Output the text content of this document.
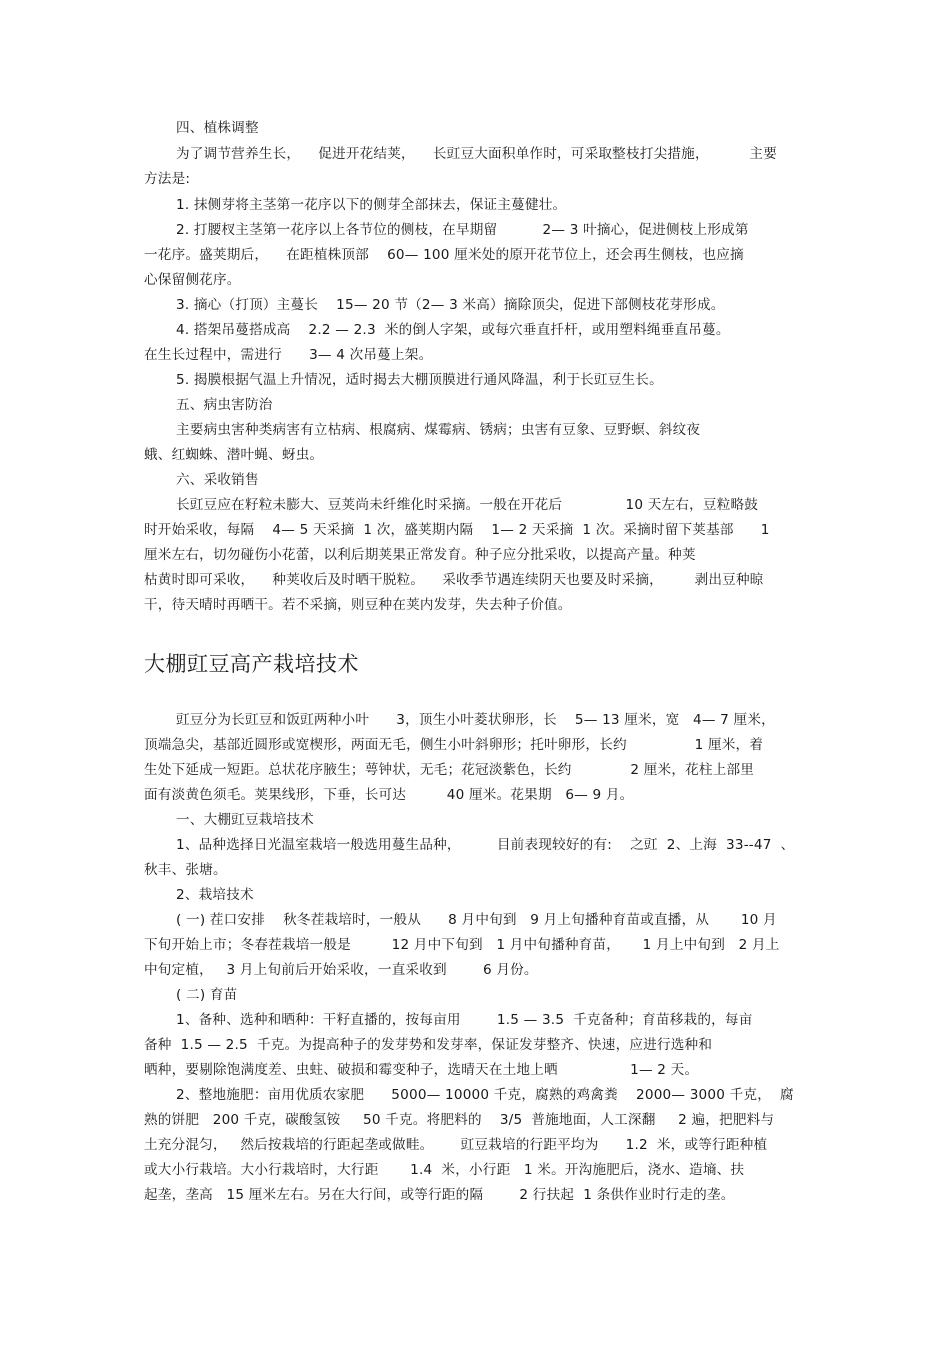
四、植株调整
为了调节营养生长，    促进开花结荚，    长豇豆大面积单作时，可采取整枝打尖措施，         主要
方法是:
1. 抹侧芽将主茎第一花序以下的侧芽全部抹去，保证主蔓健壮。
2. 打腰杈主茎第一花序以上各节位的侧枝，在早期留          2— 3 叶摘心，促进侧枝上形成第
一花序。盛荚期后，    在距植株顶部    60— 100 厘米处的原开花节位上，还会再生侧枝，也应摘
心保留侧花序。
3. 摘心（打顶）主蔓长    15— 20 节（2— 3 米高）摘除顶尖，促进下部侧枝花芽形成。
4. 搭架吊蔓搭成高    2.2 — 2.3  米的倒人字架，或每穴垂直扦杆，或用塑料绳垂直吊蔓。
在生长过程中，需进行      3— 4 次吊蔓上架。
5. 揭膜根据气温上升情况，适时揭去大棚顶膜进行通风降温，利于长豇豆生长。
五、病虫害防治
主要病虫害种类病害有立枯病、根腐病、煤霉病、锈病；虫害有豆象、豆野螟、斜纹夜
蛾、红蜘蛛、潜叶蝇、蚜虫。
六、采收销售
长豇豆应在籽粒未膨大、豆荚尚未纤维化时采摘。一般在开花后              10 天左右，豆粒略鼓
时开始采收，每隔    4— 5 天采摘  1 次，盛荚期内隔    1— 2 天采摘  1 次。采摘时留下荚基部      1
厘米左右，切勿碰伤小花蕾，以利后期荚果正常发育。种子应分批采收，以提高产量。种荚
枯黄时即可采收，    种荚收后及时晒干脱粒。    采收季节遇连续阴天也要及时采摘，       剥出豆种晾
干，待天晴时再晒干。若不采摘，则豆种在荚内发芽，失去种子价值。
大棚豇豆高产栽培技术
豇豆分为长豇豆和饭豇两种小叶      3，顶生小叶菱状卵形，长    5— 13 厘米，宽   4— 7 厘米，
顶端急尖，基部近圆形或宽楔形，两面无毛，侧生小叶斜卵形；托叶卵形，长约               1 厘米，着
生处下延成一短距。总状花序腋生；萼钟状，无毛；花冠淡紫色，长约             2 厘米，花柱上部里
面有淡黄色须毛。荚果线形，下垂，长可达         40 厘米。花果期   6— 9 月。
一、大棚豇豆栽培技术
1、品种选择日光温室栽培一般选用蔓生品种，        目前表现较好的有:    之豇  2、上海  33--47  、
秋丰、张塘。
2、栽培技术
( 一) 茬口安排    秋冬茬栽培时，一般从      8 月中旬到   9 月上旬播种育苗或直播，从       10 月
下旬开始上市；冬春茬栽培一般是         12 月中下旬到   1 月中旬播种育苗，     1 月上中旬到   2 月上
中旬定植，   3 月上旬前后开始采收，一直采收到        6 月份。
( 二) 育苗
1、备种、选种和晒种：干籽直播的，按每亩用        1.5 — 3.5  千克备种；育苗移栽的，每亩
备种  1.5 — 2.5  千克。为提高种子的发芽势和发芽率，保证发芽整齐、快速，应进行选种和
晒种，要剔除饱满度差、虫蛀、破损和霉变种子，选晴天在土地上晒                1— 2 天。
2、整地施肥：亩用优质农家肥      5000— 10000 千克，腐熟的鸡禽粪    2000— 3000 千克，  腐
熟的饼肥   200 千克，碳酸氢铵     50 千克。将肥料的    3/5  普施地面，人工深翻     2 遍，把肥料与
土充分混匀，   然后按栽培的行距起垄或做畦。      豇豆栽培的行距平均为      1.2  米，或等行距种植
或大小行栽培。大小行栽培时，大行距       1.4  米，小行距   1 米。开沟施肥后，浇水、造墒、扶
起垄，垄高   15 厘米左右。另在大行间，或等行距的隔        2 行扶起  1 条供作业时行走的垄。
